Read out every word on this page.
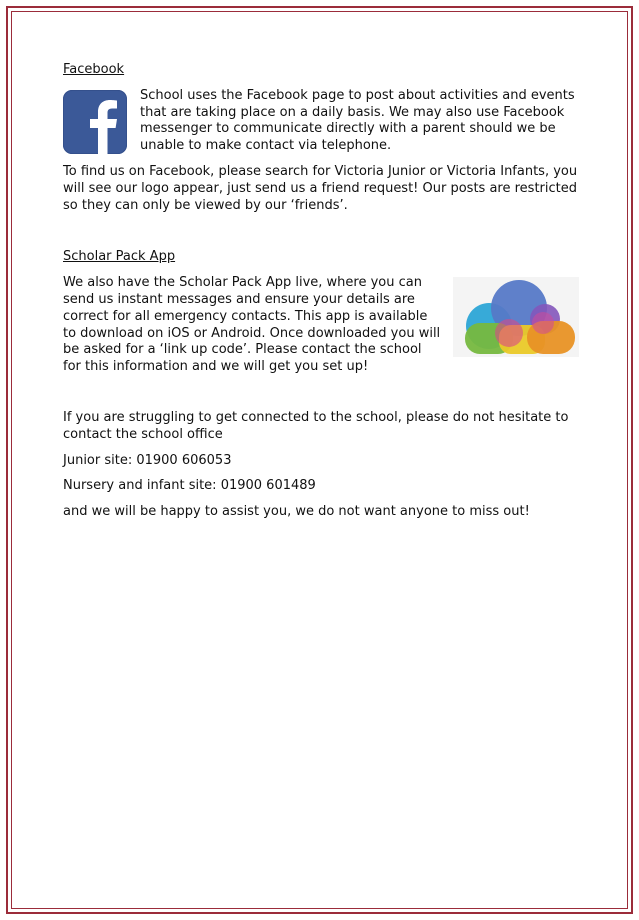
Facebook

School uses the Facebook page to post about activities and events that are taking place on a daily basis. We may also use Facebook messenger to communicate directly with a parent should we be unable to make contact via telephone.

To find us on Facebook, please search for Victoria Junior or Victoria Infants, you will see our logo appear, just send us a friend request! Our posts are restricted so they can only be viewed by our ‘friends’.

Scholar Pack App

We also have the Scholar Pack App live, where you can send us instant messages and ensure your details are correct for all emergency contacts. This app is available to download on iOS or Android. Once downloaded you will be asked for a ‘link up code’. Please contact the school for this information and we will get you set up!

If you are struggling to get connected to the school, please do not hesitate to contact the school office

Junior site: 01900 606053

Nursery and infant site: 01900 601489

and we will be happy to assist you, we do not want anyone to miss out!
